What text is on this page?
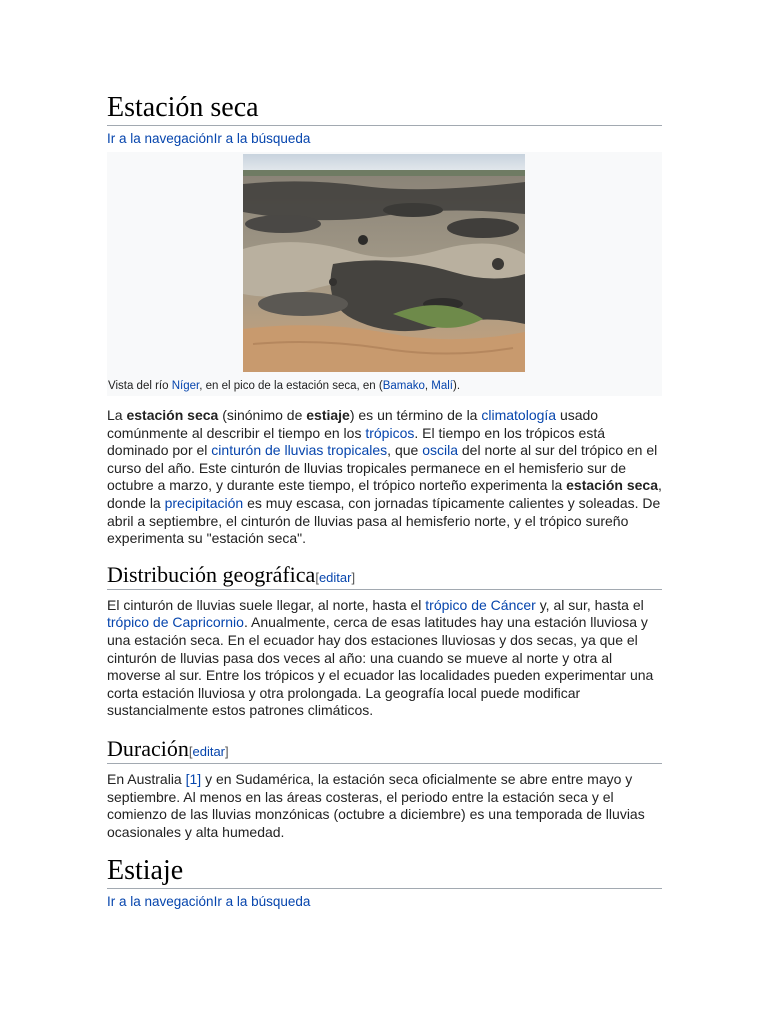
Estación seca
Ir a la navegaciónIr a la búsqueda
Vista del río Níger, en el pico de la estación seca, en (Bamako, Malí).

La estación seca (sinónimo de estiaje) es un término de la climatología usado comúnmente al describir el tiempo en los trópicos. El tiempo en los trópicos está dominado por el cinturón de lluvias tropicales, que oscila del norte al sur del trópico en el curso del año. Este cinturón de lluvias tropicales permanece en el hemisferio sur de octubre a marzo, y durante este tiempo, el trópico norteño experimenta la estación seca, donde la precipitación es muy escasa, con jornadas típicamente calientes y soleadas. De abril a septiembre, el cinturón de lluvias pasa al hemisferio norte, y el trópico sureño experimenta su "estación seca".

Distribución geográfica[editar]

El cinturón de lluvias suele llegar, al norte, hasta el trópico de Cáncer y, al sur, hasta el trópico de Capricornio. Anualmente, cerca de esas latitudes hay una estación lluviosa y una estación seca. En el ecuador hay dos estaciones lluviosas y dos secas, ya que el cinturón de lluvias pasa dos veces al año: una cuando se mueve al norte y otra al moverse al sur. Entre los trópicos y el ecuador las localidades pueden experimentar una corta estación lluviosa y otra prolongada. La geografía local puede modificar sustancialmente estos patrones climáticos.

Duración[editar]

En Australia [1] y en Sudamérica, la estación seca oficialmente se abre entre mayo y septiembre. Al menos en las áreas costeras, el periodo entre la estación seca y el comienzo de las lluvias monzónicas (octubre a diciembre) es una temporada de lluvias ocasionales y alta humedad.

Estiaje
Ir a la navegaciónIr a la búsqueda
